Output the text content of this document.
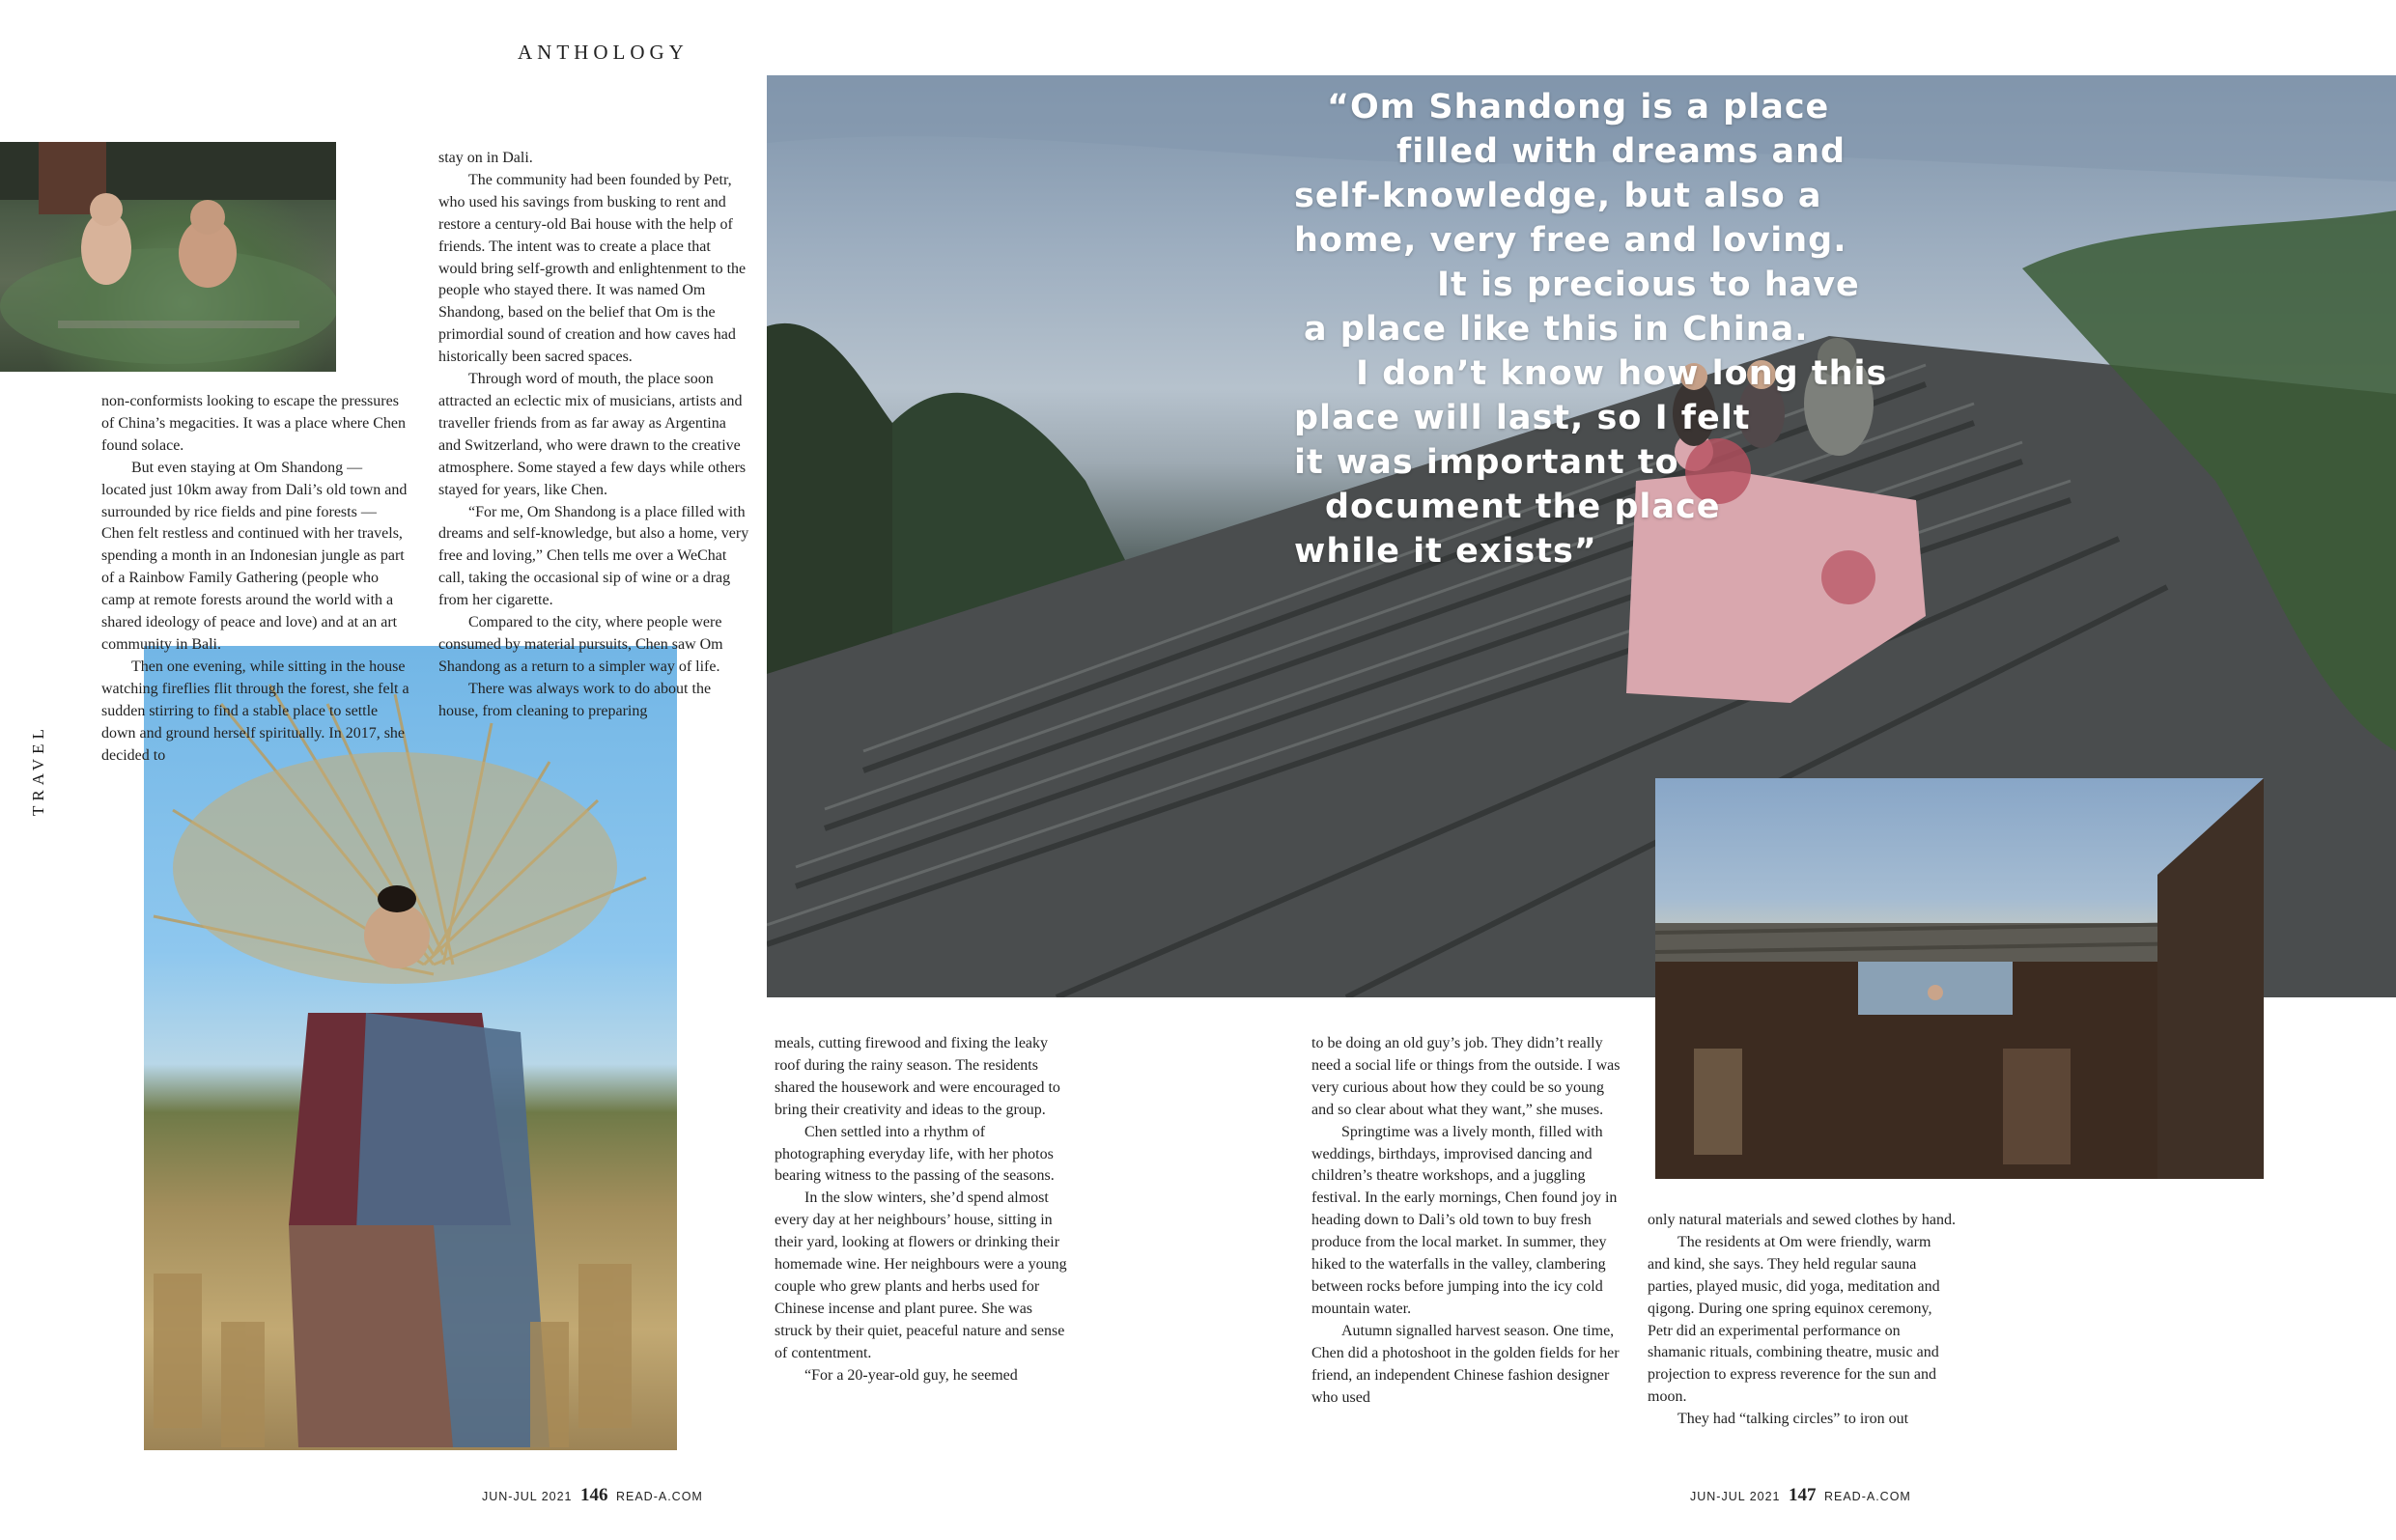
ANTHOLOGY
TRAVEL

“Om Shandong is a place
filled with dreams and
self-knowledge, but also a
home, very free and loving.
It is precious to have
a place like this in China.
I don’t know how long this
place will last, so I felt
it was important to
document the place
while it exists”

non-conformists looking to escape the pressures of China’s megacities. It was a place where Chen found solace.

But even staying at Om Shandong — located just 10km away from Dali’s old town and surrounded by rice fields and pine forests — Chen felt restless and continued with her travels, spending a month in an Indonesian jungle as part of a Rainbow Family Gathering (people who camp at remote forests around the world with a shared ideology of peace and love) and at an art community in Bali.

Then one evening, while sitting in the house watching fireflies flit through the forest, she felt a sudden stirring to find a stable place to settle down and ground herself spiritually. In 2017, she decided to

stay on in Dali.

The community had been founded by Petr, who used his savings from busking to rent and restore a century-old Bai house with the help of friends. The intent was to create a place that would bring self-growth and enlightenment to the people who stayed there. It was named Om Shandong, based on the belief that Om is the primordial sound of creation and how caves had historically been sacred spaces.

Through word of mouth, the place soon attracted an eclectic mix of musicians, artists and traveller friends from as far away as Argentina and Switzerland, who were drawn to the creative atmosphere. Some stayed a few days while others stayed for years, like Chen.

“For me, Om Shandong is a place filled with dreams and self-knowledge, but also a home, very free and loving,” Chen tells me over a WeChat call, taking the occasional sip of wine or a drag from her cigarette.

Compared to the city, where people were consumed by material pursuits, Chen saw Om Shandong as a return to a simpler way of life.

There was always work to do about the house, from cleaning to preparing

meals, cutting firewood and fixing the leaky roof during the rainy season. The residents shared the housework and were encouraged to bring their creativity and ideas to the group.

Chen settled into a rhythm of photographing everyday life, with her photos bearing witness to the passing of the seasons.

In the slow winters, she’d spend almost every day at her neighbours’ house, sitting in their yard, looking at flowers or drinking their homemade wine. Her neighbours were a young couple who grew plants and herbs used for Chinese incense and plant puree. She was struck by their quiet, peaceful nature and sense of contentment.

“For a 20-year-old guy, he seemed

to be doing an old guy’s job. They didn’t really need a social life or things from the outside. I was very curious about how they could be so young and so clear about what they want,” she muses.

Springtime was a lively month, filled with weddings, birthdays, improvised dancing and children’s theatre workshops, and a juggling festival. In the early mornings, Chen found joy in heading down to Dali’s old town to buy fresh produce from the local market. In summer, they hiked to the waterfalls in the valley, clambering between rocks before jumping into the icy cold mountain water.

Autumn signalled harvest season. One time, Chen did a photoshoot in the golden fields for her friend, an independent Chinese fashion designer who used

only natural materials and sewed clothes by hand.

The residents at Om were friendly, warm and kind, she says. They held regular sauna parties, played music, did yoga, meditation and qigong. During one spring equinox ceremony, Petr did an experimental performance on shamanic rituals, combining theatre, music and projection to express reverence for the sun and moon.

They had “talking circles” to iron out

JUN-JUL 2021 146 READ-A.COM	JUN-JUL 2021 147 READ-A.COM
